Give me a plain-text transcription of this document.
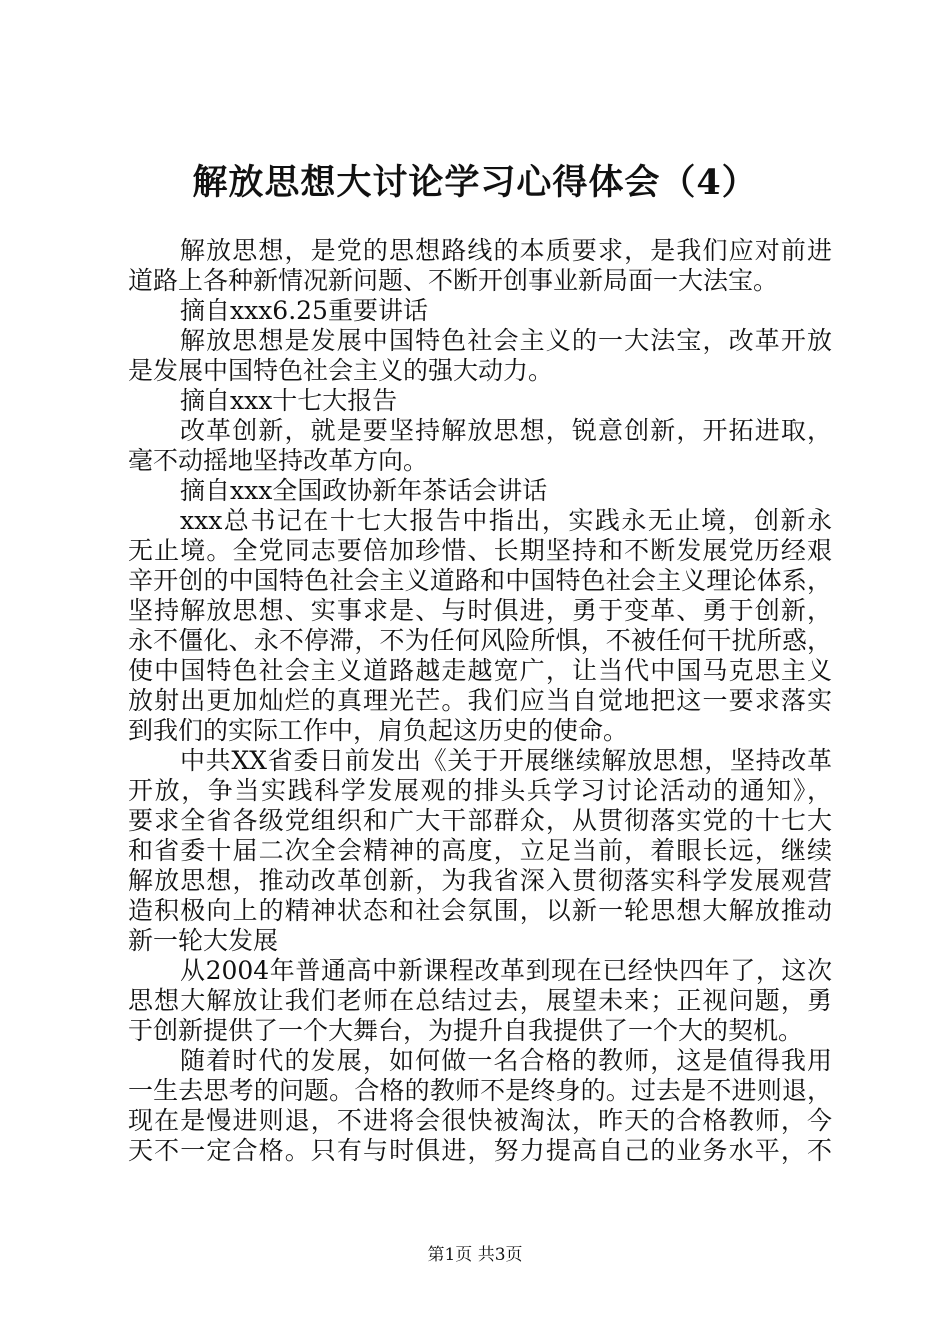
解放思想大讨论学习心得体会（4）

解放思想，是党的思想路线的本质要求，是我们应对前进
道路上各种新情况新问题、不断开创事业新局面一大法宝。

摘自xxx6.25重要讲话

解放思想是发展中国特色社会主义的一大法宝，改革开放
是发展中国特色社会主义的强大动力。

摘自xxx十七大报告

改革创新，就是要坚持解放思想，锐意创新，开拓进取，
毫不动摇地坚持改革方向。

摘自xxx全国政协新年茶话会讲话

xxx总书记在十七大报告中指出，实践永无止境，创新永
无止境。全党同志要倍加珍惜、长期坚持和不断发展党历经艰
辛开创的中国特色社会主义道路和中国特色社会主义理论体系，
坚持解放思想、实事求是、与时俱进，勇于变革、勇于创新，
永不僵化、永不停滞，不为任何风险所惧，不被任何干扰所惑，
使中国特色社会主义道路越走越宽广，让当代中国马克思主义
放射出更加灿烂的真理光芒。我们应当自觉地把这一要求落实
到我们的实际工作中，肩负起这历史的使命。

中共XX省委日前发出《关于开展继续解放思想，坚持改革
开放，争当实践科学发展观的排头兵学习讨论活动的通知》，
要求全省各级党组织和广大干部群众，从贯彻落实党的十七大
和省委十届二次全会精神的高度，立足当前，着眼长远，继续
解放思想，推动改革创新，为我省深入贯彻落实科学发展观营
造积极向上的精神状态和社会氛围，以新一轮思想大解放推动
新一轮大发展

从2004年普通高中新课程改革到现在已经快四年了，这次
思想大解放让我们老师在总结过去，展望未来；正视问题，勇
于创新提供了一个大舞台，为提升自我提供了一个大的契机。

随着时代的发展，如何做一名合格的教师，这是值得我用
一生去思考的问题。合格的教师不是终身的。过去是不进则退，
现在是慢进则退，不进将会很快被淘汰，昨天的合格教师，今
天不一定合格。只有与时俱进，努力提高自己的业务水平，不

第1页 共3页
